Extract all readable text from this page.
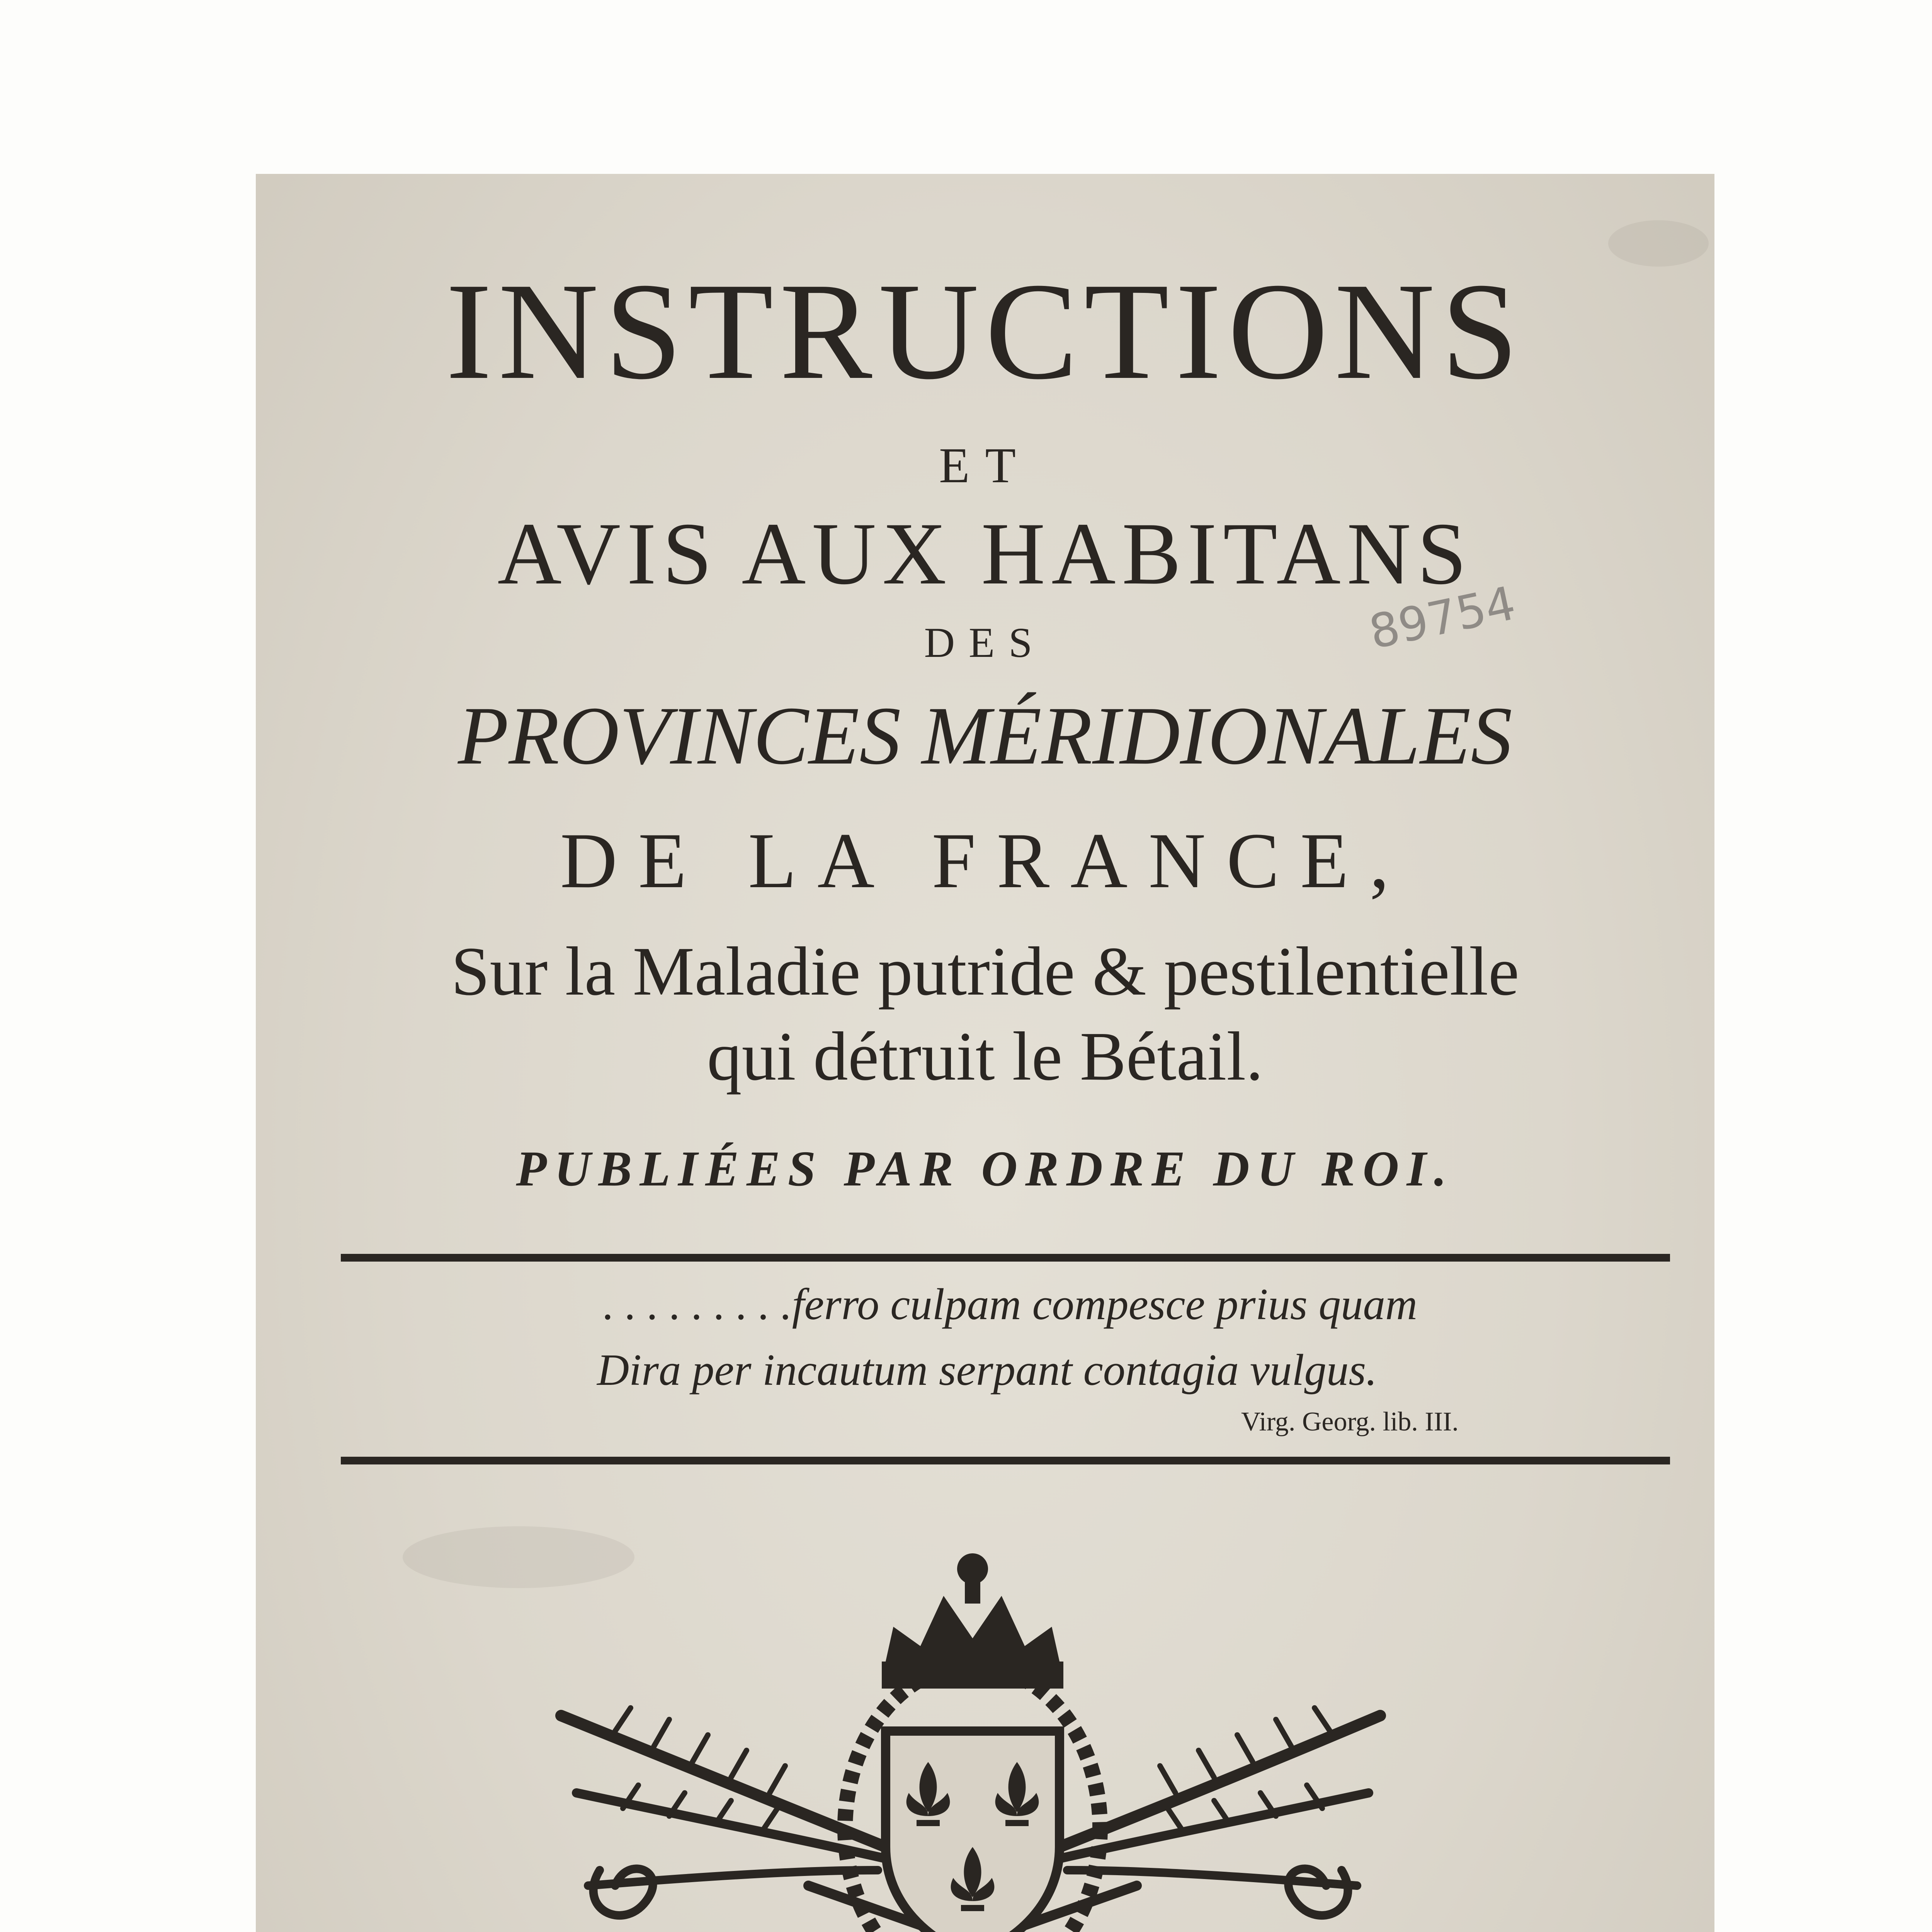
INSTRUCTIONS
ET
AVIS AUX HABITANS
DES
PROVINCES MÉRIDIONALES
DE LA FRANCE,
Sur la Maladie putride & pestilentielle
qui détruit le Bétail.
PUBLIÉES PAR ORDRE DU ROI.
89754
. . . . . . . . .ferro culpam compesce prius quam
Dira per incautum serpant contagia vulgus.
Virg. Georg. lib. III.
